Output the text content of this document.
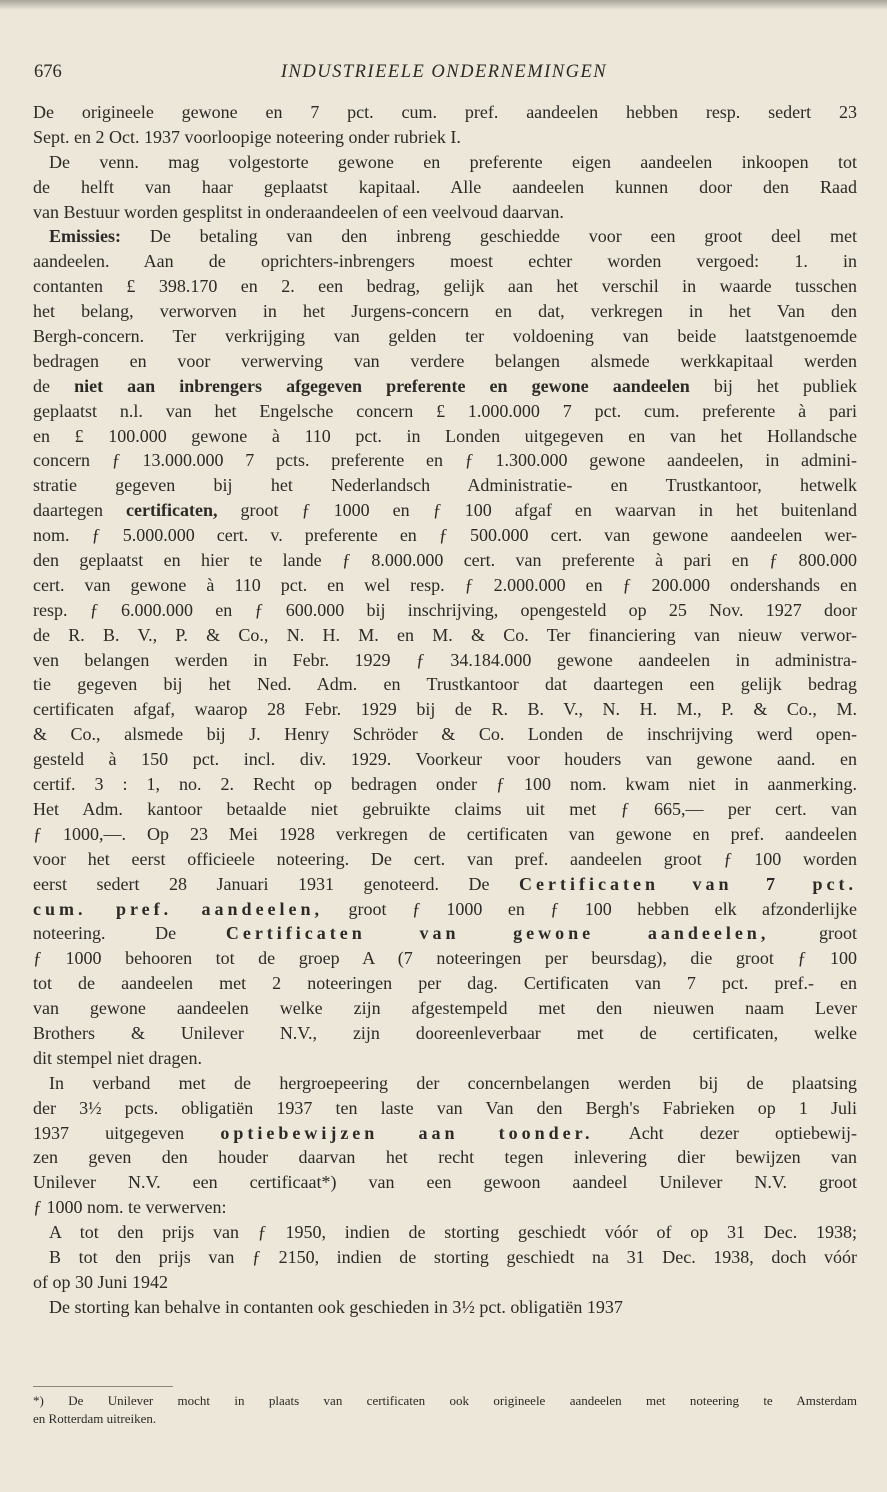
676	INDUSTRIEELE ONDERNEMINGEN
De origineele gewone en 7 pct. cum. pref. aandeelen hebben resp. sedert 23
Sept. en 2 Oct. 1937 voorloopige noteering onder rubriek I.
De venn. mag volgestorte gewone en preferente eigen aandeelen inkoopen tot
de helft van haar geplaatst kapitaal. Alle aandeelen kunnen door den Raad
van Bestuur worden gesplitst in onderaandeelen of een veelvoud daarvan.
Emissies: De betaling van den inbreng geschiedde voor een groot deel met
aandeelen. Aan de oprichters-inbrengers moest echter worden vergoed: 1. in
contanten £ 398.170 en 2. een bedrag, gelijk aan het verschil in waarde tusschen
het belang, verworven in het Jurgens-concern en dat, verkregen in het Van den
Bergh-concern. Ter verkrijging van gelden ter voldoening van beide laatstgenoemde
bedragen en voor verwerving van verdere belangen alsmede werkkapitaal werden
de niet aan inbrengers afgegeven preferente en gewone aandeelen bij het publiek
geplaatst n.l. van het Engelsche concern £ 1.000.000 7 pct. cum. preferente à pari
en £ 100.000 gewone à 110 pct. in Londen uitgegeven en van het Hollandsche
concern ƒ 13.000.000 7 pcts. preferente en ƒ 1.300.000 gewone aandeelen, in admini-
stratie gegeven bij het Nederlandsch Administratie- en Trustkantoor, hetwelk
daartegen certificaten, groot ƒ 1000 en ƒ 100 afgaf en waarvan in het buitenland
nom. ƒ 5.000.000 cert. v. preferente en ƒ 500.000 cert. van gewone aandeelen wer-
den geplaatst en hier te lande ƒ 8.000.000 cert. van preferente à pari en ƒ 800.000
cert. van gewone à 110 pct. en wel resp. ƒ 2.000.000 en ƒ 200.000 ondershands en
resp. ƒ 6.000.000 en ƒ 600.000 bij inschrijving, opengesteld op 25 Nov. 1927 door
de R. B. V., P. & Co., N. H. M. en M. & Co. Ter financiering van nieuw verwor-
ven belangen werden in Febr. 1929 ƒ 34.184.000 gewone aandeelen in administra-
tie gegeven bij het Ned. Adm. en Trustkantoor dat daartegen een gelijk bedrag
certificaten afgaf, waarop 28 Febr. 1929 bij de R. B. V., N. H. M., P. & Co., M.
& Co., alsmede bij J. Henry Schröder & Co. Londen de inschrijving werd open-
gesteld à 150 pct. incl. div. 1929. Voorkeur voor houders van gewone aand. en
certif. 3 : 1, no. 2. Recht op bedragen onder ƒ 100 nom. kwam niet in aanmerking.
Het Adm. kantoor betaalde niet gebruikte claims uit met ƒ 665,— per cert. van
ƒ 1000,—. Op 23 Mei 1928 verkregen de certificaten van gewone en pref. aandeelen
voor het eerst officieele noteering. De cert. van pref. aandeelen groot ƒ 100 worden
eerst sedert 28 Januari 1931 genoteerd. De Certificaten van 7 pct.
cum. pref. aandeelen, groot ƒ 1000 en ƒ 100 hebben elk afzonderlijke
noteering. De Certificaten van gewone aandeelen, groot
ƒ 1000 behooren tot de groep A (7 noteeringen per beursdag), die groot ƒ 100
tot de aandeelen met 2 noteeringen per dag. Certificaten van 7 pct. pref.- en
van gewone aandeelen welke zijn afgestempeld met den nieuwen naam Lever
Brothers & Unilever N.V., zijn dooreenleverbaar met de certificaten, welke
dit stempel niet dragen.
In verband met de hergroepeering der concernbelangen werden bij de plaatsing
der 3½ pcts. obligatiën 1937 ten laste van Van den Bergh's Fabrieken op 1 Juli
1937 uitgegeven optiebewijzen aan toonder. Acht dezer optiebewij-
zen geven den houder daarvan het recht tegen inlevering dier bewijzen van
Unilever N.V. een certificaat*) van een gewoon aandeel Unilever N.V. groot
ƒ 1000 nom. te verwerven:
A tot den prijs van ƒ 1950, indien de storting geschiedt vóór of op 31 Dec. 1938;
B tot den prijs van ƒ 2150, indien de storting geschiedt na 31 Dec. 1938, doch vóór
of op 30 Juni 1942
De storting kan behalve in contanten ook geschieden in 3½ pct. obligatiën 1937
*) De Unilever mocht in plaats van certificaten ook origineele aandeelen met noteering te Amsterdam
en Rotterdam uitreiken.
